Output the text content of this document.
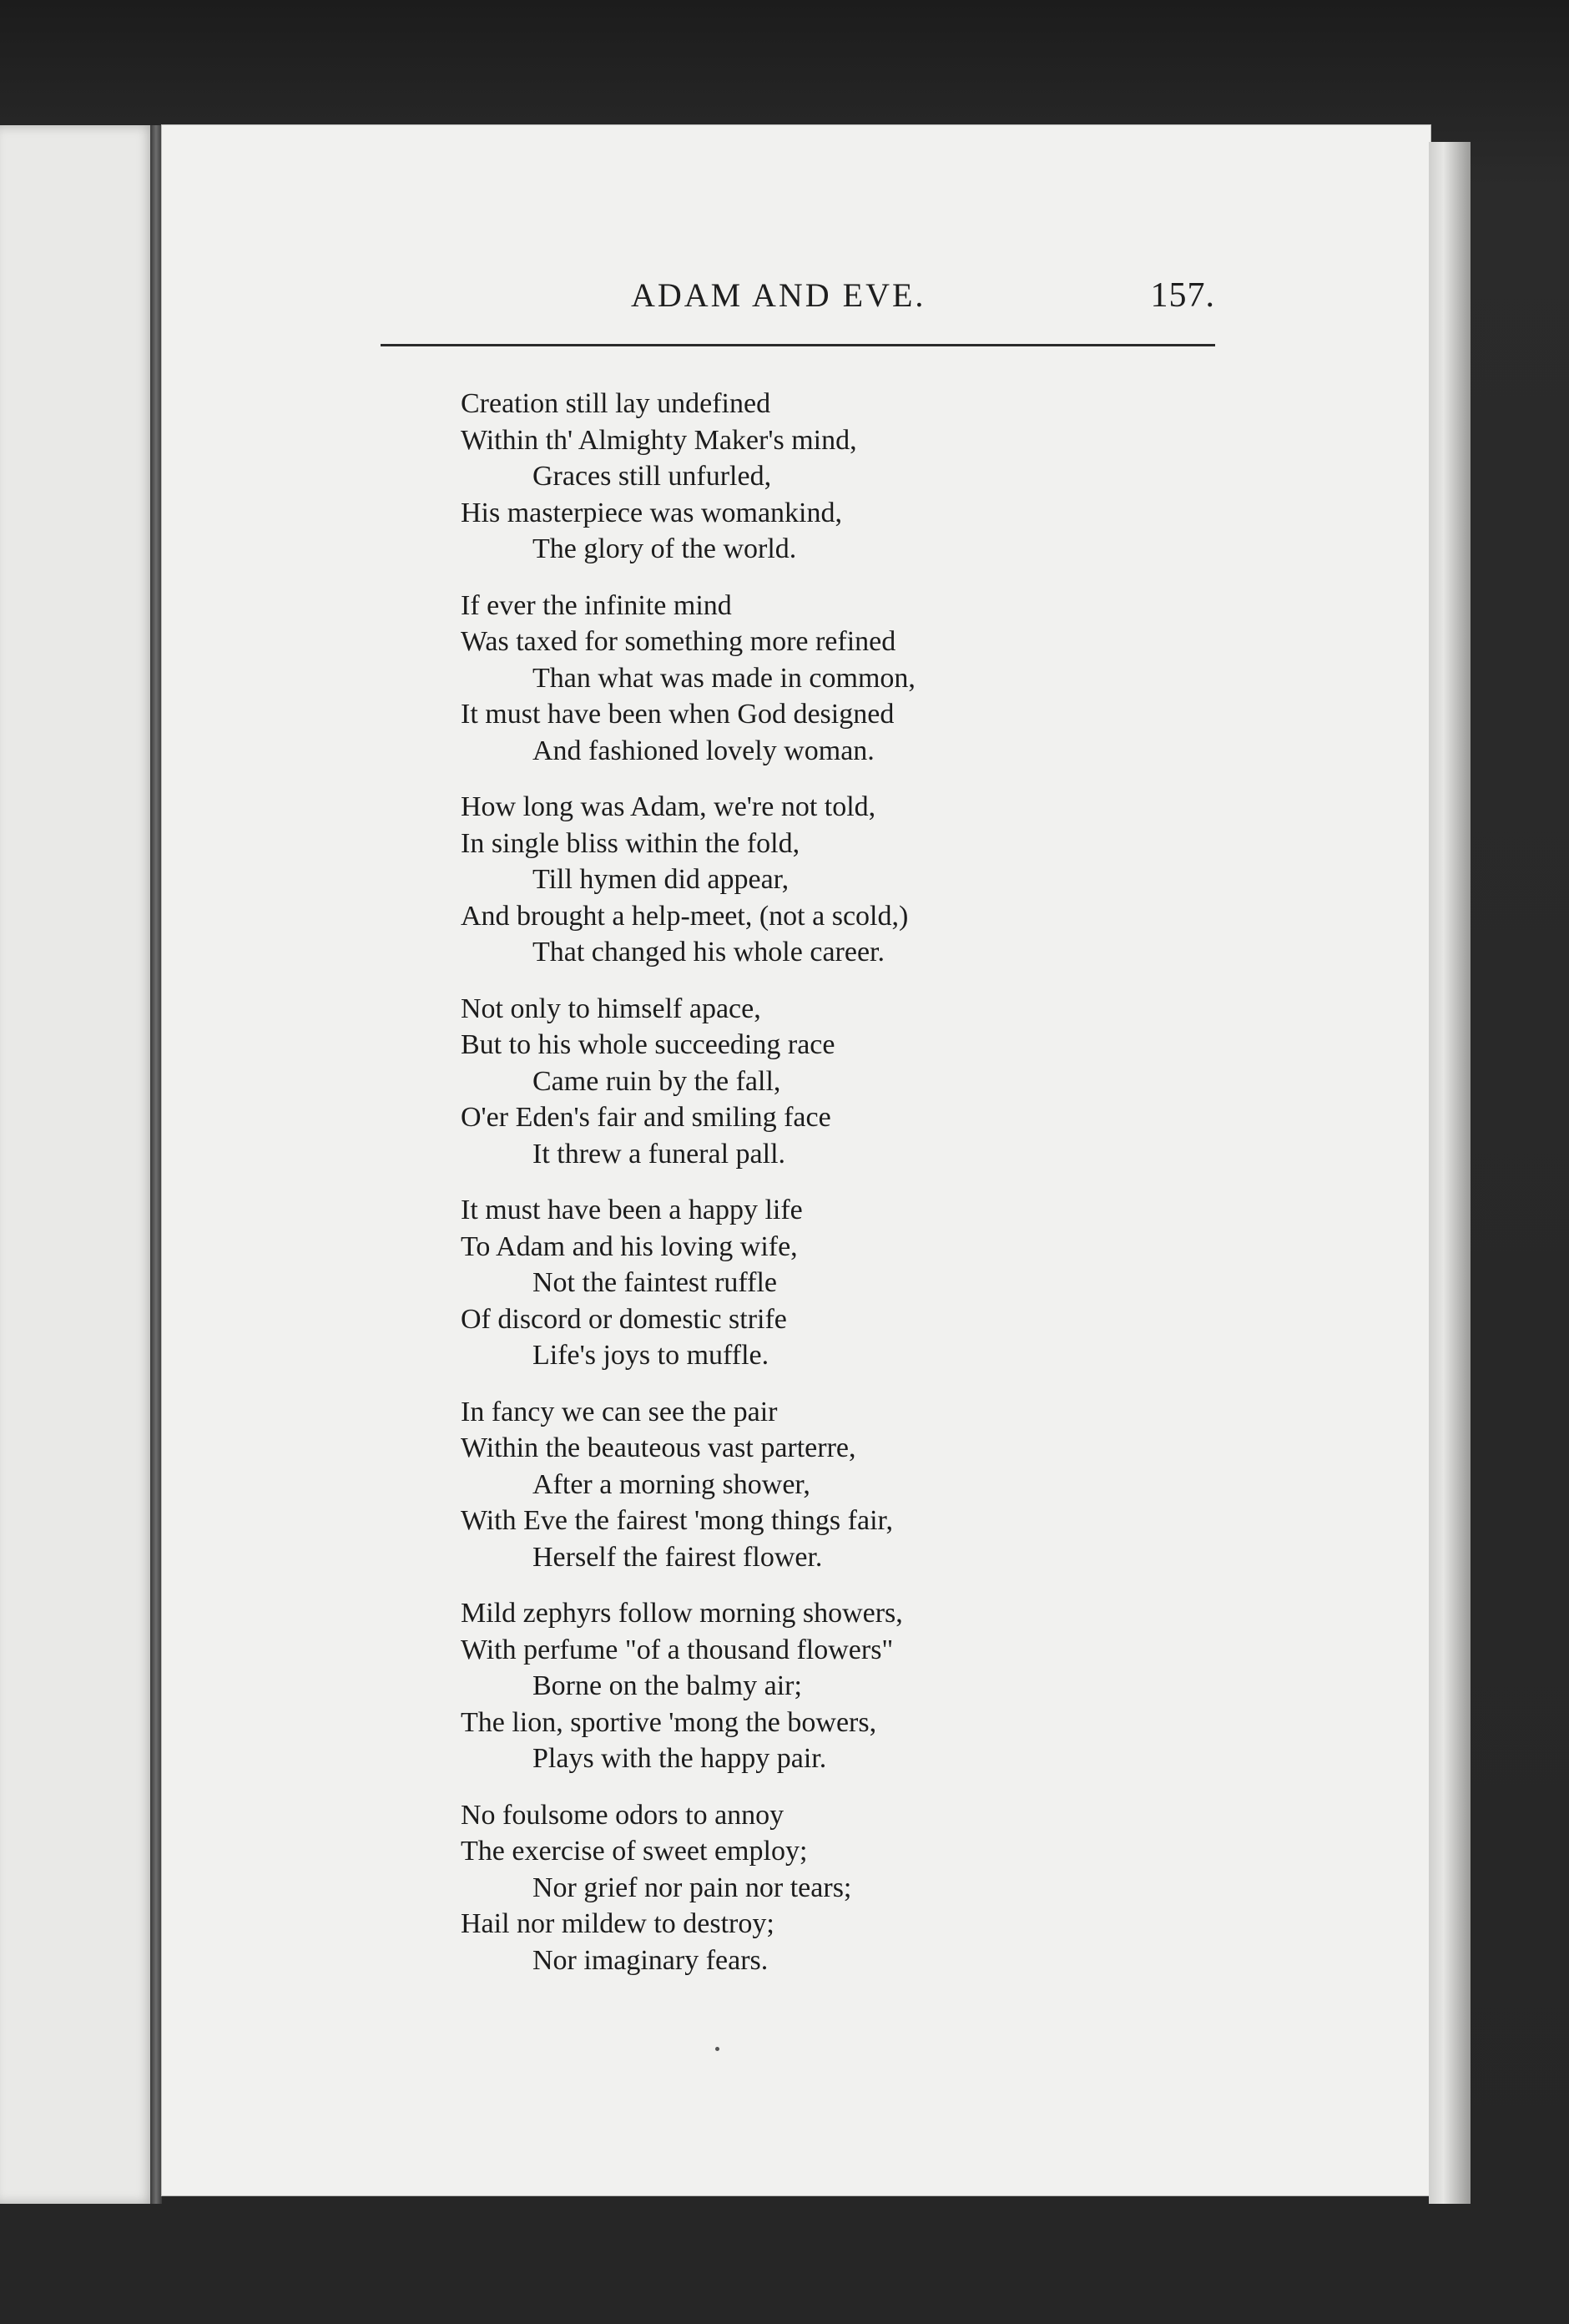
ADAM AND EVE.	157.
Creation still lay undefined
Within th' Almighty Maker's mind,
Graces still unfurled,
His masterpiece was womankind,
The glory of the world.
If ever the infinite mind
Was taxed for something more refined
Than what was made in common,
It must have been when God designed
And fashioned lovely woman.
How long was Adam, we're not told,
In single bliss within the fold,
Till hymen did appear,
And brought a help-meet, (not a scold,)
That changed his whole career.
Not only to himself apace,
But to his whole succeeding race
Came ruin by the fall,
O'er Eden's fair and smiling face
It threw a funeral pall.
It must have been a happy life
To Adam and his loving wife,
Not the faintest ruffle
Of discord or domestic strife
Life's joys to muffle.
In fancy we can see the pair
Within the beauteous vast parterre,
After a morning shower,
With Eve the fairest 'mong things fair,
Herself the fairest flower.
Mild zephyrs follow morning showers,
With perfume "of a thousand flowers"
Borne on the balmy air;
The lion, sportive 'mong the bowers,
Plays with the happy pair.
No foulsome odors to annoy
The exercise of sweet employ;
Nor grief nor pain nor tears;
Hail nor mildew to destroy;
Nor imaginary fears.
